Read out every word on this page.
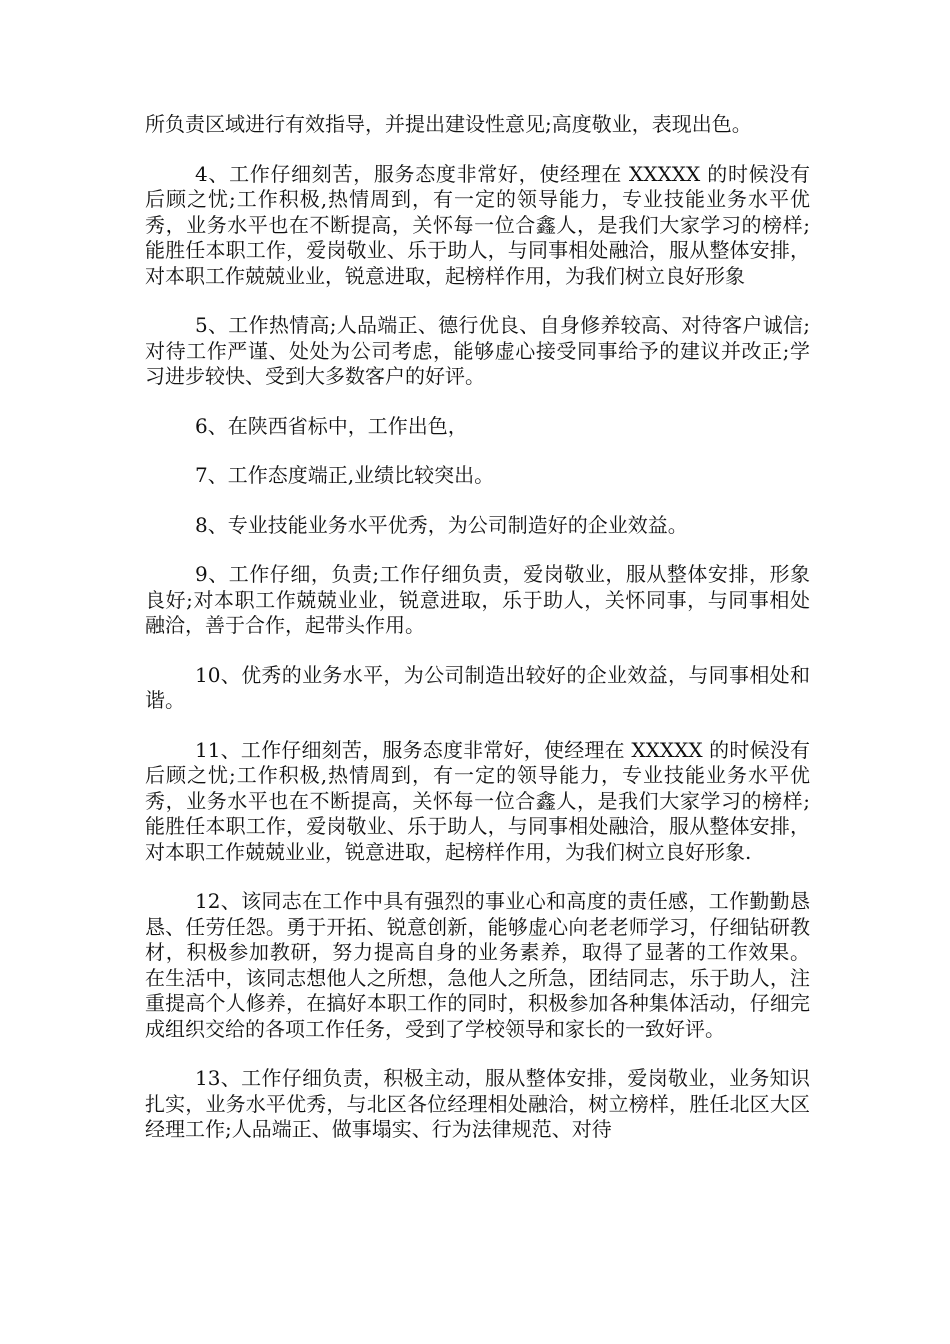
所负责区域进行有效指导，并提出建设性意见;高度敬业，表现出色。

4、工作仔细刻苦，服务态度非常好，使经理在 XXXXX 的时候没有后顾之忧;工作积极,热情周到，有一定的领导能力，专业技能业务水平优秀，业务水平也在不断提高，关怀每一位合鑫人，是我们大家学习的榜样;能胜任本职工作，爱岗敬业、乐于助人，与同事相处融洽，服从整体安排，对本职工作兢兢业业，锐意进取，起榜样作用，为我们树立良好形象

5、工作热情高;人品端正、德行优良、自身修养较高、对待客户诚信;对待工作严谨、处处为公司考虑，能够虚心接受同事给予的建议并改正;学习进步较快、受到大多数客户的好评。

6、在陕西省标中，工作出色，

7、工作态度端正,业绩比较突出。

8、专业技能业务水平优秀，为公司制造好的企业效益。

9、工作仔细，负责;工作仔细负责，爱岗敬业，服从整体安排，形象良好;对本职工作兢兢业业，锐意进取，乐于助人，关怀同事，与同事相处融洽，善于合作，起带头作用。

10、优秀的业务水平，为公司制造出较好的企业效益，与同事相处和谐。

11、工作仔细刻苦，服务态度非常好，使经理在 XXXXX 的时候没有后顾之忧;工作积极,热情周到，有一定的领导能力，专业技能业务水平优秀，业务水平也在不断提高，关怀每一位合鑫人，是我们大家学习的榜样;能胜任本职工作，爱岗敬业、乐于助人，与同事相处融洽，服从整体安排，对本职工作兢兢业业，锐意进取，起榜样作用，为我们树立良好形象.

12、该同志在工作中具有强烈的事业心和高度的责任感，工作勤勤恳恳、任劳任怨。勇于开拓、锐意创新，能够虚心向老老师学习，仔细钻研教材，积极参加教研，努力提高自身的业务素养，取得了显著的工作效果。 在生活中，该同志想他人之所想，急他人之所急，团结同志，乐于助人，注重提高个人修养，在搞好本职工作的同时，积极参加各种集体活动，仔细完成组织交给的各项工作任务，受到了学校领导和家长的一致好评。

13、工作仔细负责，积极主动，服从整体安排，爱岗敬业，业务知识扎实，业务水平优秀，与北区各位经理相处融洽，树立榜样，胜任北区大区经理工作;人品端正、做事塌实、行为法律规范、对待
